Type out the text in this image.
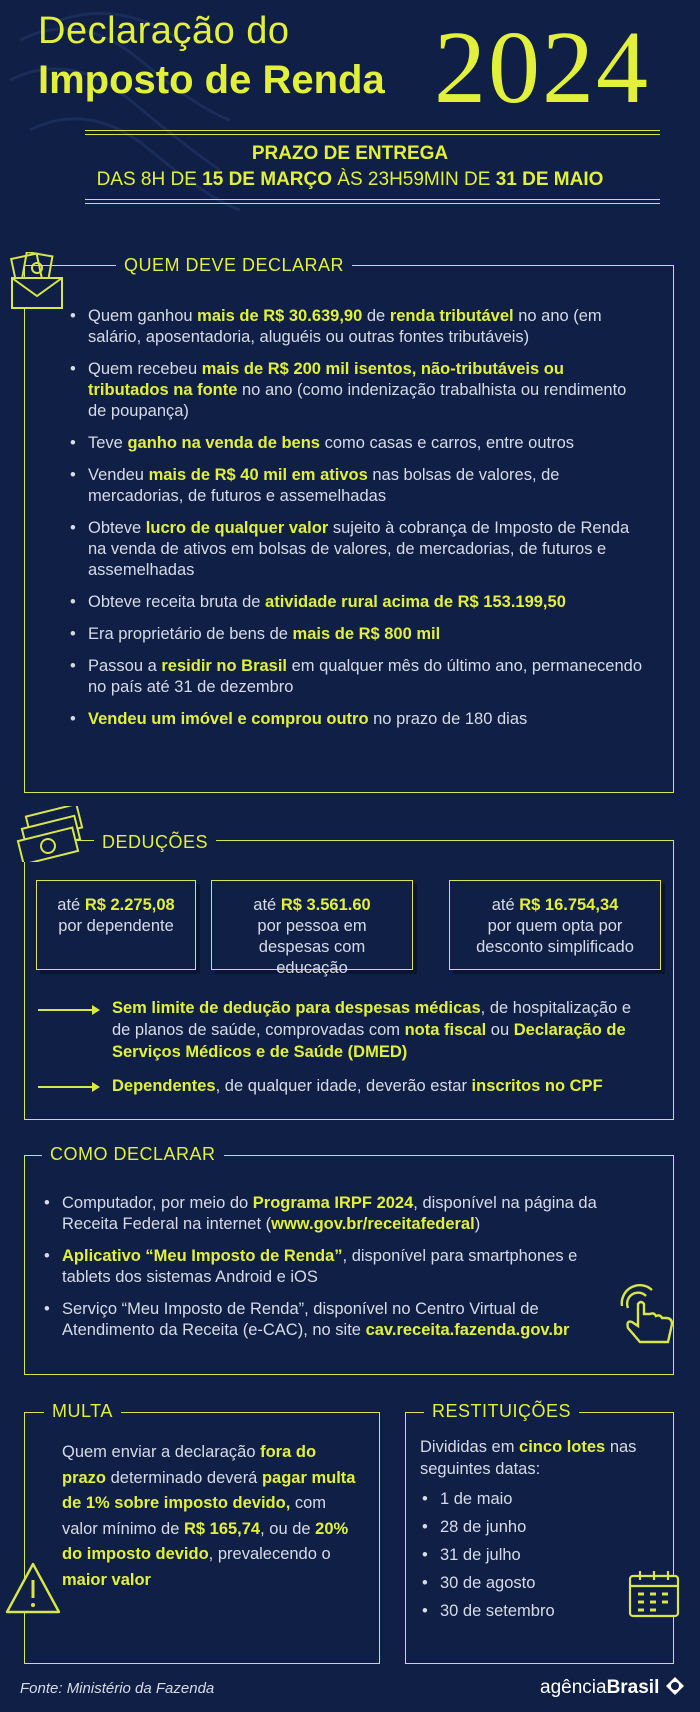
Declaração do
Imposto de Renda 2024
PRAZO DE ENTREGA
DAS 8H DE 15 DE MARÇO ÀS 23H59MIN DE 31 DE MAIO
QUEM DEVE DECLARAR
• Quem ganhou mais de R$ 30.639,90 de renda tributável no ano (em salário, aposentadoria, aluguéis ou outras fontes tributáveis)
• Quem recebeu mais de R$ 200 mil isentos, não-tributáveis ou tributados na fonte no ano (como indenização trabalhista ou rendimento de poupança)
• Teve ganho na venda de bens como casas e carros, entre outros
• Vendeu mais de R$ 40 mil em ativos nas bolsas de valores, de mercadorias, de futuros e assemelhadas
• Obteve lucro de qualquer valor sujeito à cobrança de Imposto de Renda na venda de ativos em bolsas de valores, de mercadorias, de futuros e assemelhadas
• Obteve receita bruta de atividade rural acima de R$ 153.199,50
• Era proprietário de bens de mais de R$ 800 mil
• Passou a residir no Brasil em qualquer mês do último ano, permanecendo no país até 31 de dezembro
• Vendeu um imóvel e comprou outro no prazo de 180 dias
DEDUÇÕES
até R$ 2.275,08
por dependente
até R$ 3.561.60
por pessoa em despesas com educação
até R$ 16.754,34
por quem opta por desconto simplificado
Sem limite de dedução para despesas médicas, de hospitalização e de planos de saúde, comprovadas com nota fiscal ou Declaração de Serviços Médicos e de Saúde (DMED)
Dependentes, de qualquer idade, deverão estar inscritos no CPF
COMO DECLARAR
• Computador, por meio do Programa IRPF 2024, disponível na página da Receita Federal na internet (www.gov.br/receitafederal)
• Aplicativo “Meu Imposto de Renda”, disponível para smartphones e tablets dos sistemas Android e iOS
• Serviço “Meu Imposto de Renda”, disponível no Centro Virtual de Atendimento da Receita (e-CAC), no site cav.receita.fazenda.gov.br
MULTA
Quem enviar a declaração fora do prazo determinado deverá pagar multa de 1% sobre imposto devido, com valor mínimo de R$ 165,74, ou de 20% do imposto devido, prevalecendo o maior valor
RESTITUIÇÕES
Divididas em cinco lotes nas seguintes datas:
• 1 de maio
• 28 de junho
• 31 de julho
• 30 de agosto
• 30 de setembro
Fonte: Ministério da Fazenda	agênciaBrasil
